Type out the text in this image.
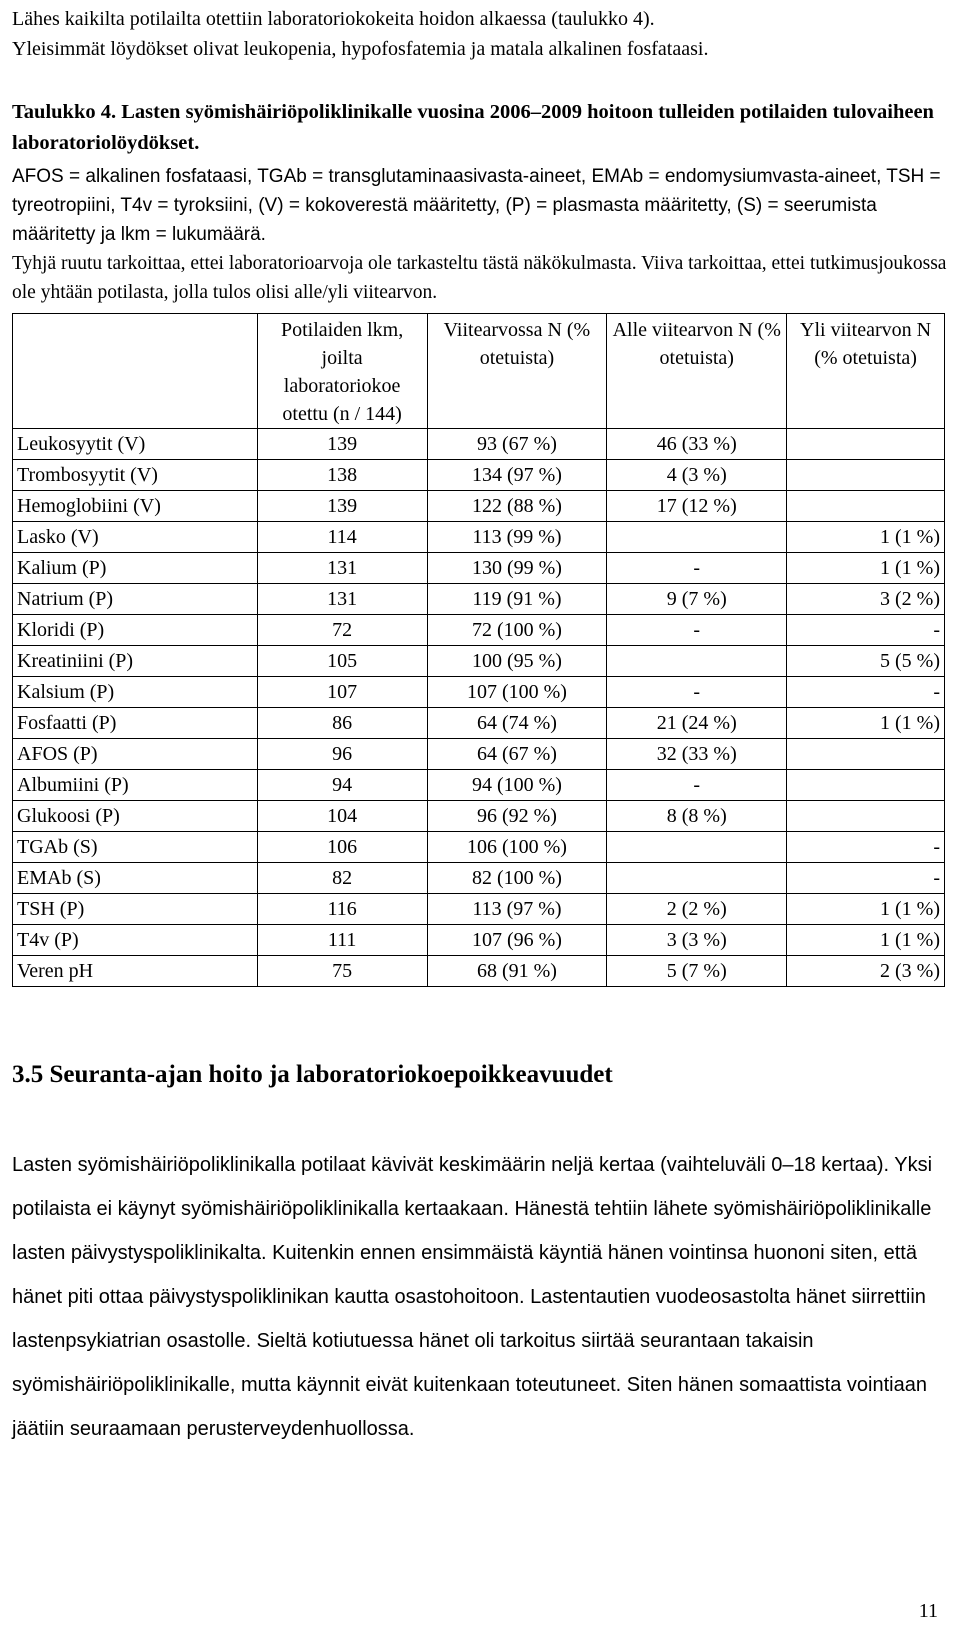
Lähes kaikilta potilailta otettiin laboratoriokokeita hoidon alkaessa (taulukko 4).
Yleisimmät löydökset olivat leukopenia, hypofosfatemia ja matala alkalinen fosfataasi.

Taulukko 4. Lasten syömishäiriöpoliklinikalle vuosina 2006–2009 hoitoon tulleiden potilaiden tulovaiheen laboratoriolöydökset.

AFOS = alkalinen fosfataasi, TGAb = transglutaminaasivasta-aineet, EMAb = endomysiumvasta-aineet, TSH = tyreotropiini, T4v = tyroksiini, (V) = kokoverestä määritetty, (P) = plasmasta määritetty, (S) = seerumista määritetty ja lkm = lukumäärä.

Tyhjä ruutu tarkoittaa, ettei laboratorioarvoja ole tarkasteltu tästä näkökulmasta. Viiva tarkoittaa, ettei tutkimusjoukossa ole yhtään potilasta, jolla tulos olisi alle/yli viitearvon.

	Potilaiden lkm, joilta laboratoriokoe otettu (n / 144)	Viitearvossa N (% otetuista)	Alle viitearvon N (% otetuista)	Yli viitearvon N (% otetuista)
Leukosyytit (V)	139	93 (67 %)	46 (33 %)	
Trombosyytit (V)	138	134 (97 %)	4 (3 %)	
Hemoglobiini (V)	139	122 (88 %)	17 (12 %)	
Lasko (V)	114	113 (99 %)		1 (1 %)
Kalium (P)	131	130 (99 %)	-	1 (1 %)
Natrium (P)	131	119 (91 %)	9 (7 %)	3 (2 %)
Kloridi (P)	72	72 (100 %)	-	-
Kreatiniini (P)	105	100 (95 %)		5 (5 %)
Kalsium (P)	107	107 (100 %)	-	-
Fosfaatti (P)	86	64 (74 %)	21 (24 %)	1 (1 %)
AFOS (P)	96	64 (67 %)	32 (33 %)	
Albumiini (P)	94	94 (100 %)	-	
Glukoosi (P)	104	96 (92 %)	8 (8 %)	
TGAb (S)	106	106 (100 %)		-
EMAb (S)	82	82 (100 %)		-
TSH (P)	116	113 (97 %)	2 (2 %)	1 (1 %)
T4v (P)	111	107 (96 %)	3 (3 %)	1 (1 %)
Veren pH	75	68 (91 %)	5 (7 %)	2 (3 %)
3.5 Seuranta-ajan hoito ja laboratoriokoepoikkeavuudet

Lasten syömishäiriöpoliklinikalla potilaat kävivät keskimäärin neljä kertaa (vaihteluväli 0–18 kertaa). Yksi potilaista ei käynyt syömishäiriöpoliklinikalla kertaakaan. Hänestä tehtiin lähete syömishäiriöpoliklinikalle lasten päivystyspoliklinikalta. Kuitenkin ennen ensimmäistä käyntiä hänen vointinsa huononi siten, että hänet piti ottaa päivystyspoliklinikan kautta osastohoitoon. Lastentautien vuodeosastolta hänet siirrettiin lastenpsykiatrian osastolle. Sieltä kotiutuessa hänet oli tarkoitus siirtää seurantaan takaisin syömishäiriöpoliklinikalle, mutta käynnit eivät kuitenkaan toteutuneet. Siten hänen somaattista vointiaan jäätiin seuraamaan perusterveydenhuollossa.

11
